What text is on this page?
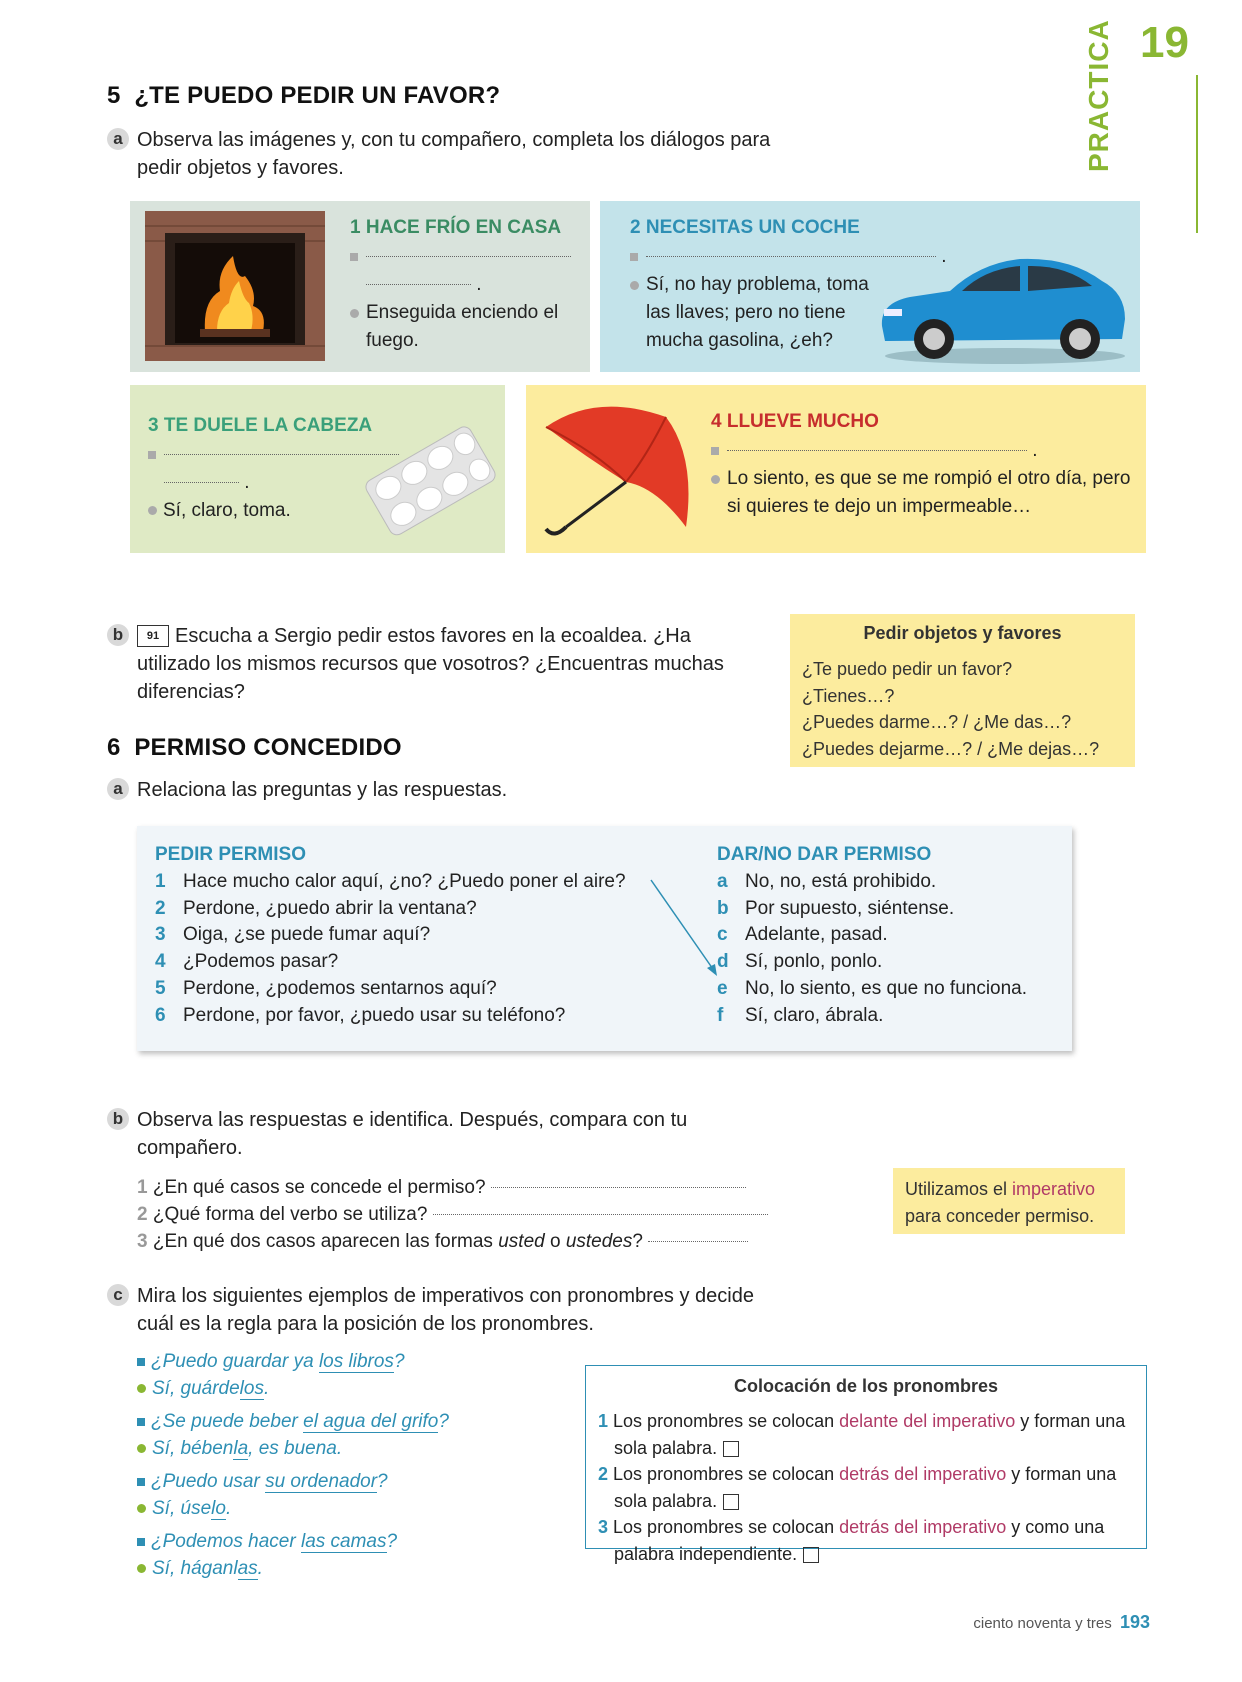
19
PRACTICA
5 ¿TE PUEDO PEDIR UN FAVOR?
a Observa las imágenes y, con tu compañero, completa los diálogos para pedir objetos y favores.
1 HACE FRÍO EN CASA

.
Enseguida enciendo el fuego.
2 NECESITAS UN COCHE
.
Sí, no hay problema, toma las llaves; pero no tiene mucha gasolina, ¿eh?
3 TE DUELE LA CABEZA

.
Sí, claro, toma.
4 LLUEVE MUCHO
.
Lo siento, es que se me rompió el otro día, pero si quieres te dejo un impermeable…
b	91 Escucha a Sergio pedir estos favores en la ecoaldea. ¿Ha utilizado los mismos recursos que vosotros? ¿Encuentras muchas diferencias?
Pedir objetos y favores
¿Te puedo pedir un favor?
¿Tienes…?
¿Puedes darme…? / ¿Me das…?
¿Puedes dejarme…? / ¿Me dejas…?
6 PERMISO CONCEDIDO
a Relaciona las preguntas y las respuestas.
PEDIR PERMISO
1 Hace mucho calor aquí, ¿no? ¿Puedo poner el aire?
2 Perdone, ¿puedo abrir la ventana?
3 Oiga, ¿se puede fumar aquí?
4 ¿Podemos pasar?
5 Perdone, ¿podemos sentarnos aquí?
6 Perdone, por favor, ¿puedo usar su teléfono?
DAR/NO DAR PERMISO
a No, no, está prohibido.
b Por supuesto, siéntense.
c Adelante, pasad.
d Sí, ponlo, ponlo.
e No, lo siento, es que no funciona.
f Sí, claro, ábrala.
b Observa las respuestas e identifica. Después, compara con tu compañero.
1 ¿En qué casos se concede el permiso?
2 ¿Qué forma del verbo se utiliza?
3 ¿En qué dos casos aparecen las formas usted o ustedes?
Utilizamos el imperativo
para conceder permiso.
c Mira los siguientes ejemplos de imperativos con pronombres y decide cuál es la regla para la posición de los pronombres.
¿Puedo guardar ya los libros?
Sí, guárdelos.
¿Se puede beber el agua del grifo?
Sí, bébenla, es buena.
¿Puedo usar su ordenador?
Sí, úselo.
¿Podemos hacer las camas?
Sí, háganlas.
Colocación de los pronombres
1 Los pronombres se colocan delante del imperativo y forman una sola palabra.
2 Los pronombres se colocan detrás del imperativo y forman una sola palabra.
3 Los pronombres se colocan detrás del imperativo y como una palabra independiente.
ciento noventa y tres 193
